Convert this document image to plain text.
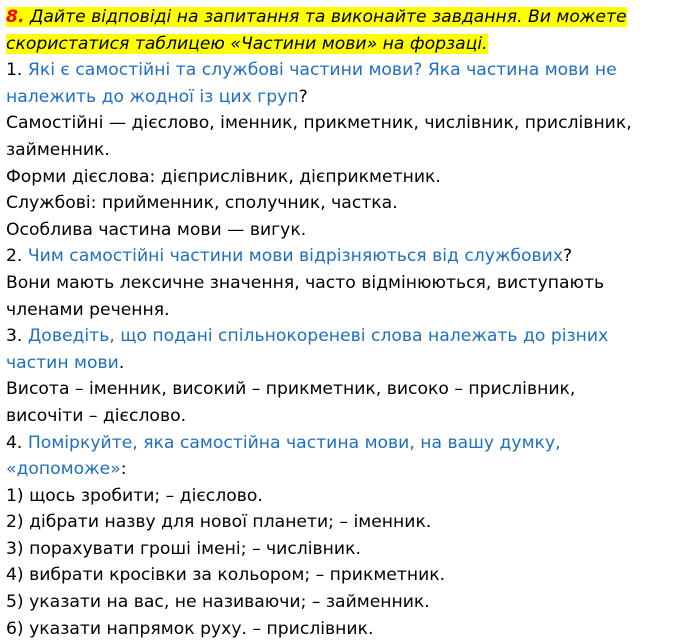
8. Дайте відповіді на запитання та виконайте завдання. Ви можете
скористатися таблицею «Частини мови» на форзаці.
1. Які є самостійні та службові частини мови? Яка частина мови не
належить до жодної із цих груп?
Самостійні — дієслово, іменник, прикметник, числівник, прислівник,
займенник.
Форми дієслова: дієприслівник, дієприкметник.
Службові: прийменник, сполучник, частка.
Особлива частина мови — вигук.
2. Чим самостійні частини мови відрізняються від службових?
Вони мають лексичне значення, часто відмінюються, виступають
членами речення.
3. Доведіть, що подані спільнокореневі слова належать до різних
частин мови.
Висота – іменник, високий – прикметник, високо – прислівник,
височіти – дієслово.
4. Поміркуйте, яка самостійна частина мови, на вашу думку,
«допоможе»:
1) щось зробити; – дієслово.
2) дібрати назву для нової планети; – іменник.
3) порахувати гроші імені; – числівник.
4) вибрати кросівки за кольором; – прикметник.
5) указати на вас, не називаючи; – займенник.
6) указати напрямок руху. – прислівник.
